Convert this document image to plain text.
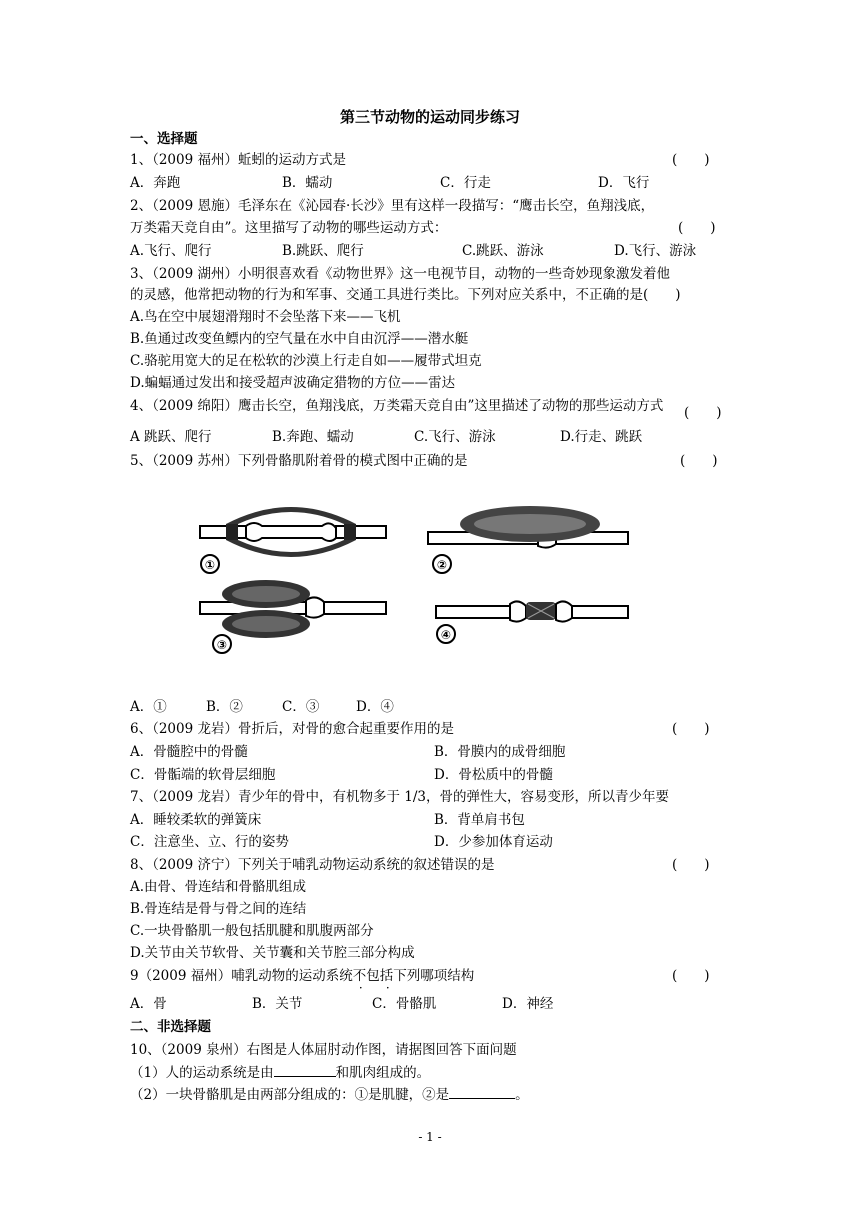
第三节动物的运动同步练习
一、选择题
1、（2009 福州）蚯蚓的运动方式是	(　　)
A．奔跑	B．蠕动	C．行走	D．飞行
2、（2009 恩施）毛泽东在《沁园春·长沙》里有这样一段描写：“鹰击长空，鱼翔浅底，
万类霜天竞自由”。这里描写了动物的哪些运动方式：	(　　)
A.飞行、爬行	B.跳跃、爬行	C.跳跃、游泳	D.飞行、游泳
3、（2009 湖州）小明很喜欢看《动物世界》这一电视节目，动物的一些奇妙现象激发着他
的灵感，他常把动物的行为和军事、交通工具进行类比。下列对应关系中，不正确的是(　　)
A.鸟在空中展翅滑翔时不会坠落下来——飞机
B.鱼通过改变鱼鳔内的空气量在水中自由沉浮——潜水艇
C.骆驼用宽大的足在松软的沙漠上行走自如——履带式坦克
D.蝙蝠通过发出和接受超声波确定猎物的方位——雷达
4、（2009 绵阳）鹰击长空，鱼翔浅底，万类霜天竞自由”这里描述了动物的那些运动方式 (　　)
A 跳跃、爬行	B.奔跑、蠕动	C.飞行、游泳	D.行走、跳跃
5、（2009 苏州）下列骨骼肌附着骨的模式图中正确的是	(　　)
①	②
③
④
A．①	B．②	C．③	D．④
6、（2009 龙岩）骨折后，对骨的愈合起重要作用的是	(　　)
A．骨髓腔中的骨髓	B．骨膜内的成骨细胞
C．骨骺端的软骨层细胞	D．骨松质中的骨髓
7、（2009 龙岩）青少年的骨中，有机物多于 1/3，骨的弹性大，容易变形，所以青少年要
A．睡较柔软的弹簧床	B．背单肩书包
C．注意坐、立、行的姿势	D．少参加体育运动
8、（2009 济宁）下列关于哺乳动物运动系统的叙述错误的是	(　　)
A.由骨、骨连结和骨骼肌组成
B.骨连结是骨与骨之间的连结
C.一块骨骼肌一般包括肌腱和肌腹两部分
D.关节由关节软骨、关节囊和关节腔三部分构成
9（2009 福州）哺乳动物的运动系统不包括下列哪项结构	(　　)
A．骨	B．关节	C．骨骼肌	D．神经
二、非选择题
10、（2009 泉州）右图是人体屈肘动作图，请据图回答下面问题
（1）人的运动系统是由	和肌肉组成的。
（2）一块骨骼肌是由两部分组成的：①是肌腱，②是	。
- 1 -
